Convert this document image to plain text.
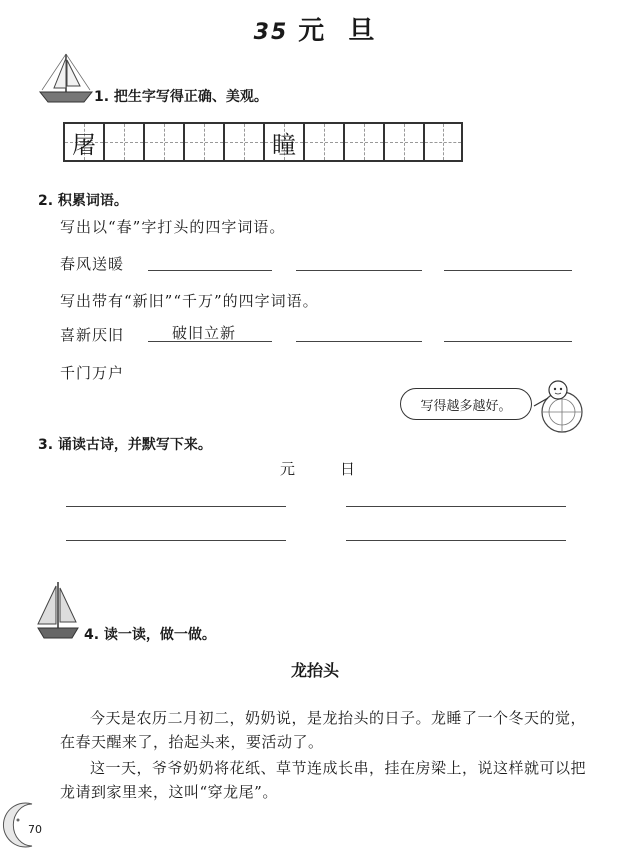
35 元 旦
1. 把生字写得正确、美观。
屠	瞳
2. 积累词语。
写出以“春”字打头的四字词语。
春风送暖
写出带有“新旧”“千万”的四字词语。
喜新厌旧	破旧立新
千门万户
写得越多越好。
3. 诵读古诗，并默写下来。
元	日
4. 读一读，做一做。
龙抬头
今天是农历二月初二，奶奶说，是龙抬头的日子。龙睡了一个冬天的觉，在春天醒来了，抬起头来，要活动了。
这一天，爷爷奶奶将花纸、草节连成长串，挂在房梁上，说这样就可以把龙请到家里来，这叫“穿龙尾”。
70
